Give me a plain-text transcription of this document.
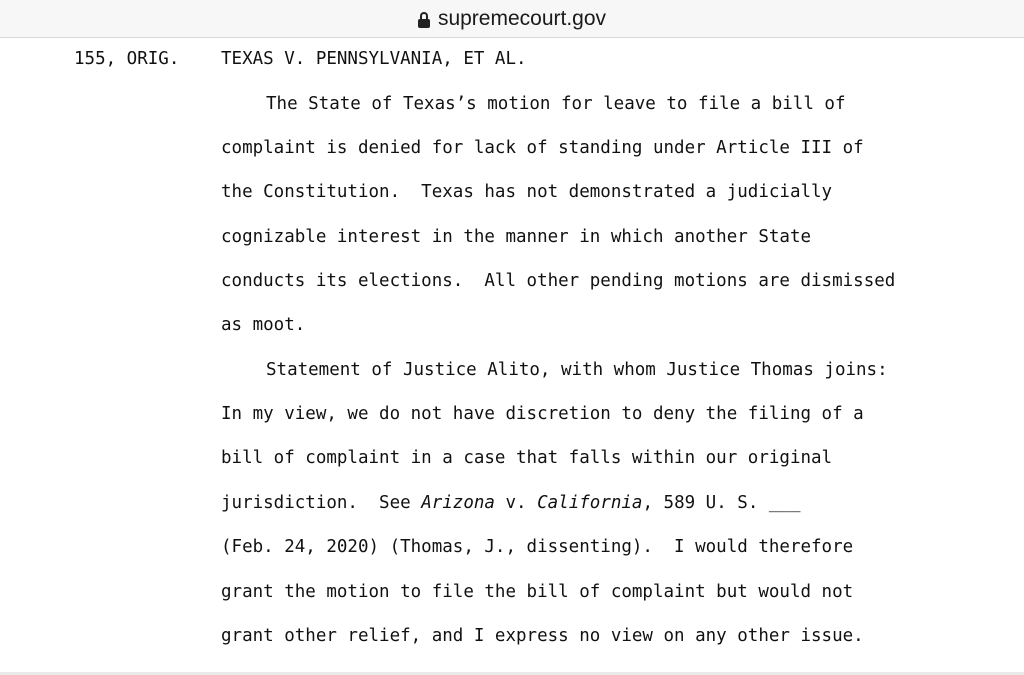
supremecourt.gov
155, ORIG. TEXAS V. PENNSYLVANIA, ET AL.
The State of Texas’s motion for leave to file a bill of
complaint is denied for lack of standing under Article III of
the Constitution.  Texas has not demonstrated a judicially
cognizable interest in the manner in which another State
conducts its elections.  All other pending motions are dismissed
as moot.
Statement of Justice Alito, with whom Justice Thomas joins:
In my view, we do not have discretion to deny the filing of a
bill of complaint in a case that falls within our original
jurisdiction.  See Arizona v. California, 589 U. S. ___
(Feb. 24, 2020) (Thomas, J., dissenting).  I would therefore
grant the motion to file the bill of complaint but would not
grant other relief, and I express no view on any other issue.
